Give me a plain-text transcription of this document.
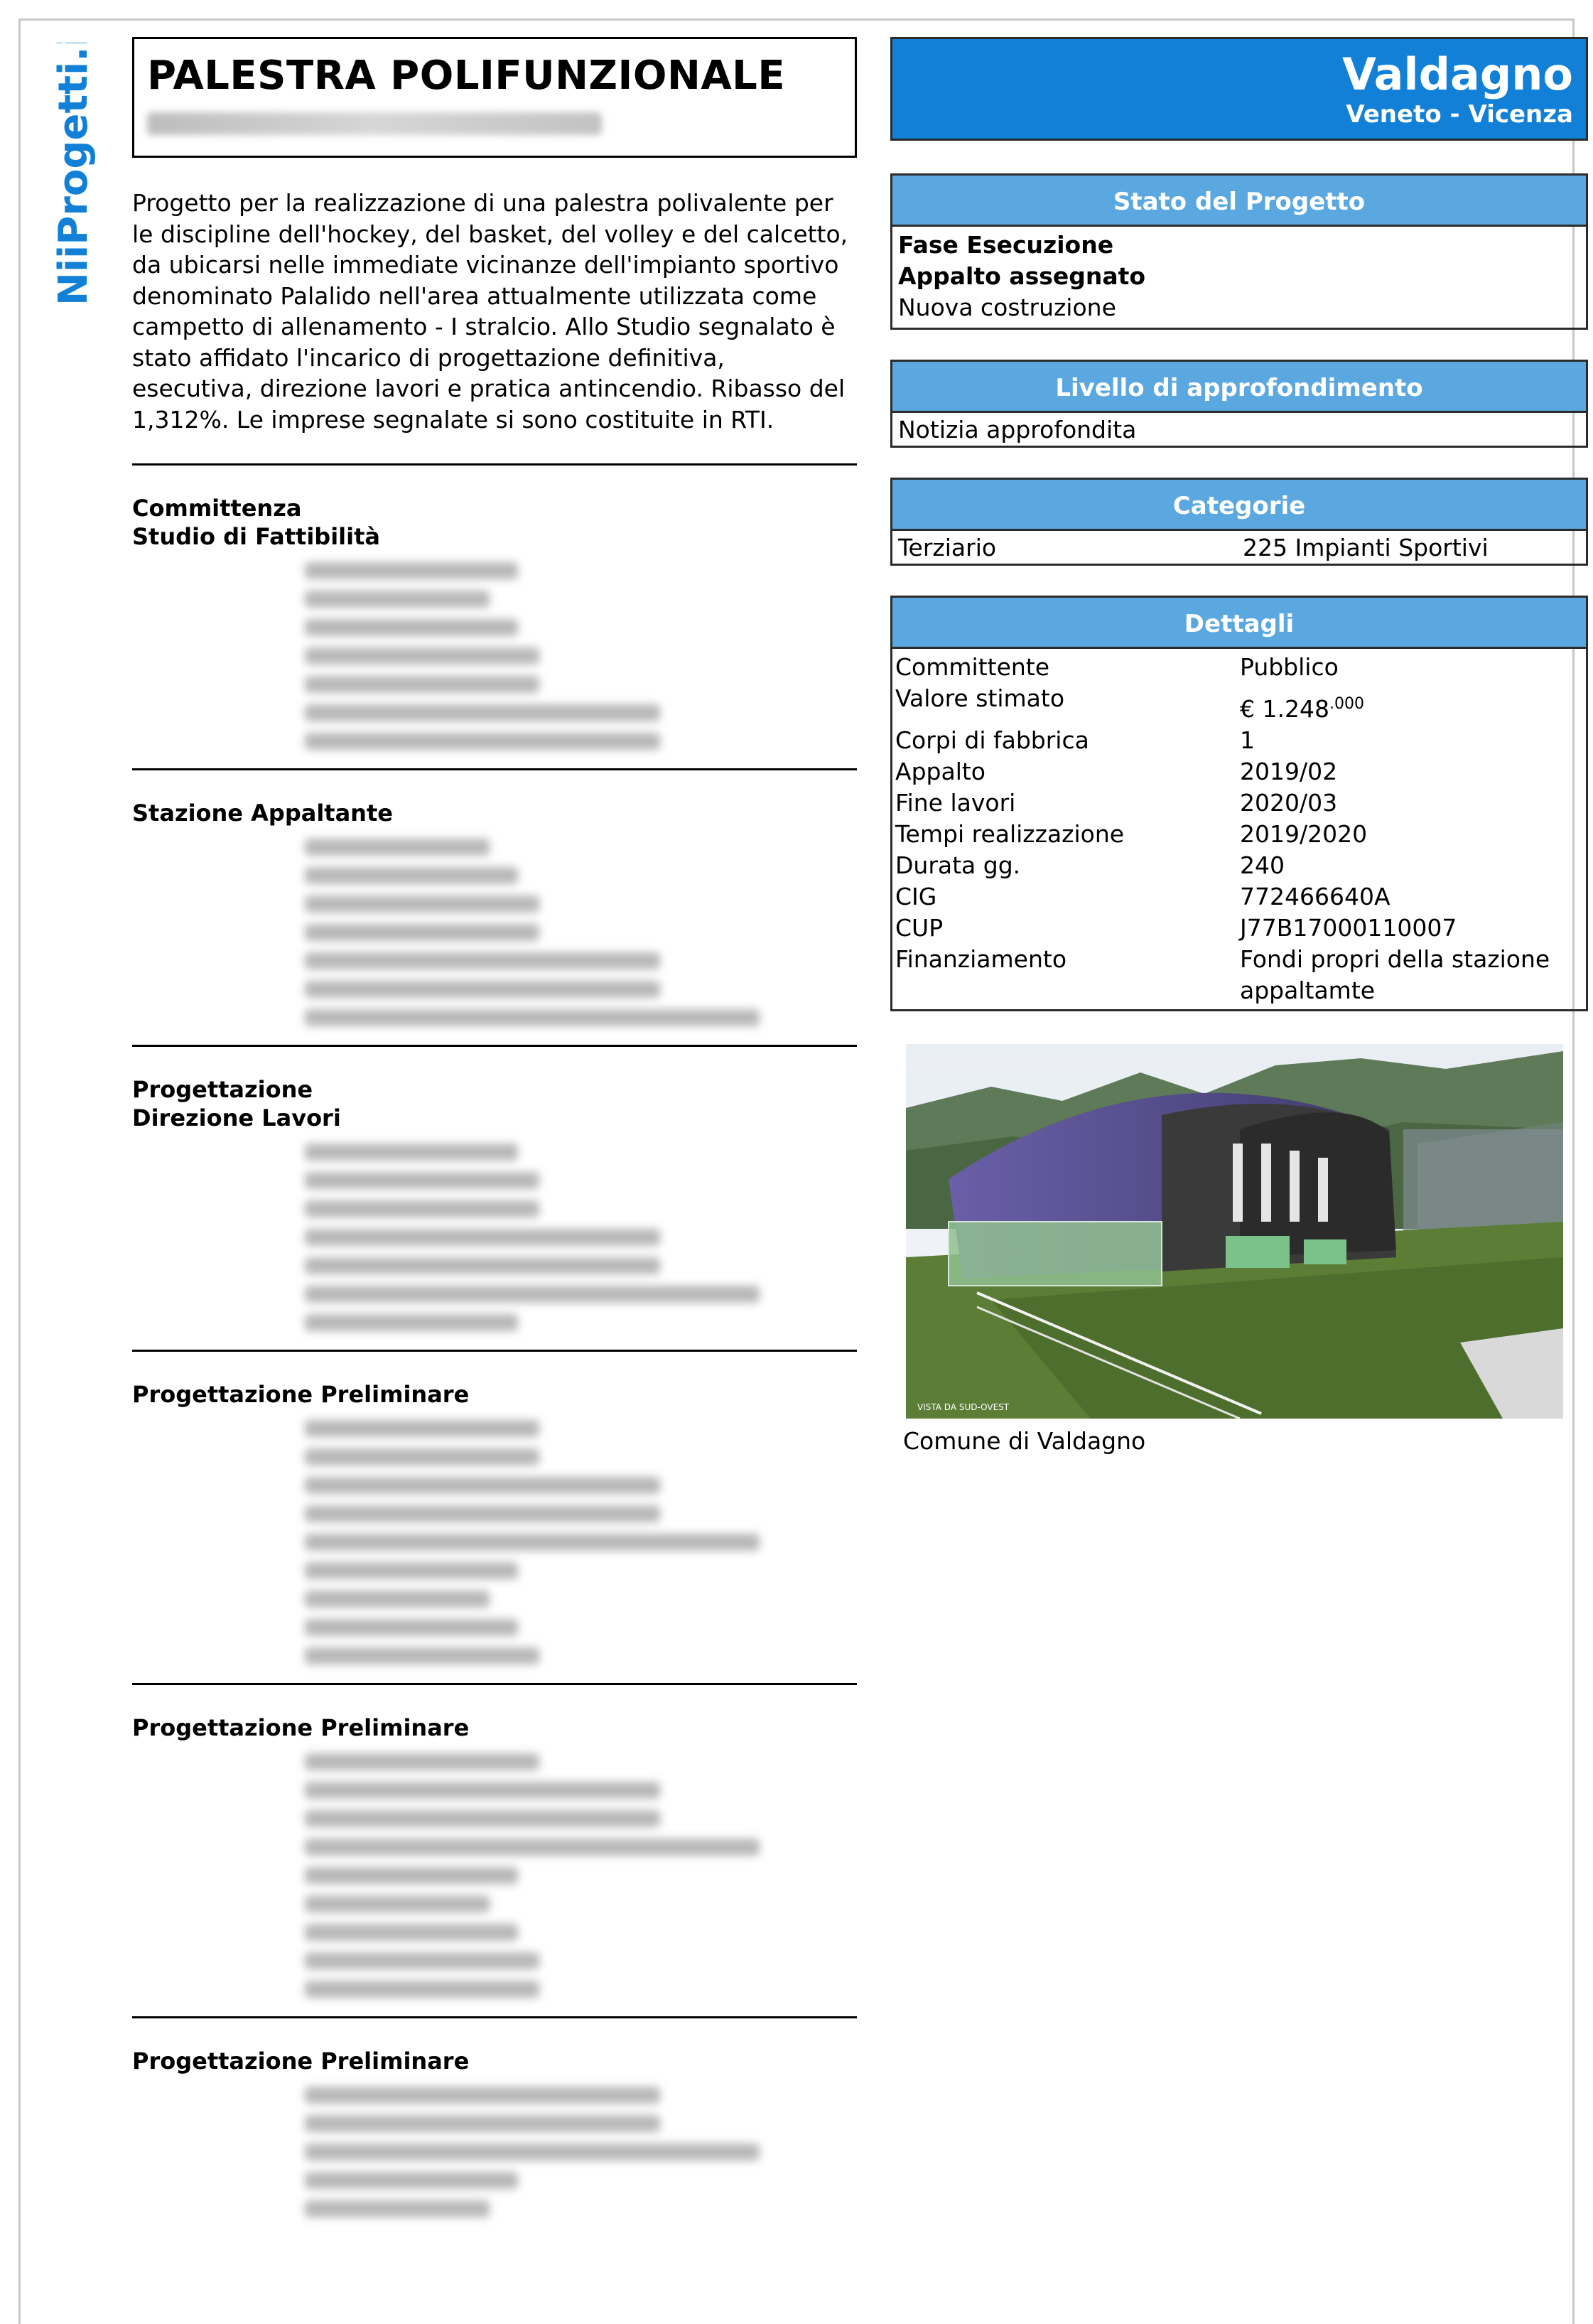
NiiProgetti.it PALESTRA POLIFUNZIONALE

Progetto per la realizzazione di una palestra polivalente per le discipline dell'hockey, del basket, del volley e del calcetto, da ubicarsi nelle immediate vicinanze dell'impianto sportivo denominato Palalido nell'area attualmente utilizzata come campetto di allenamento - I stralcio. Allo Studio segnalato è stato affidato l'incarico di progettazione definitiva, esecutiva, direzione lavori e pratica antincendio. Ribasso del 1,312%. Le imprese segnalate si sono costituite in RTI.

Committenza
Studio di Fattibilità
Stazione Appaltante
Progettazione
Direzione Lavori
Progettazione Preliminare
Progettazione Preliminare
Progettazione Preliminare
Valdagno
Veneto - Vicenza
Stato del Progetto
Fase Esecuzione
Appalto assegnato
Nuova costruzione
Livello di approfondimento
Notizia approfondita
Categorie
Terziario	225 Impianti Sportivi
Dettagli
Committente	Pubblico
Valore stimato	€ $1.248^{.000}$
Corpi di fabbrica	1
Appalto	2019/02
Fine lavori	2020/03
Tempi realizzazione	2019/2020
Durata gg.	240
CIG	772466640A
CUP	J77B17000110007
Finanziamento	Fondi propri della stazione appaltamte
VISTA DA SUD-OVEST
Comune di Valdagno
